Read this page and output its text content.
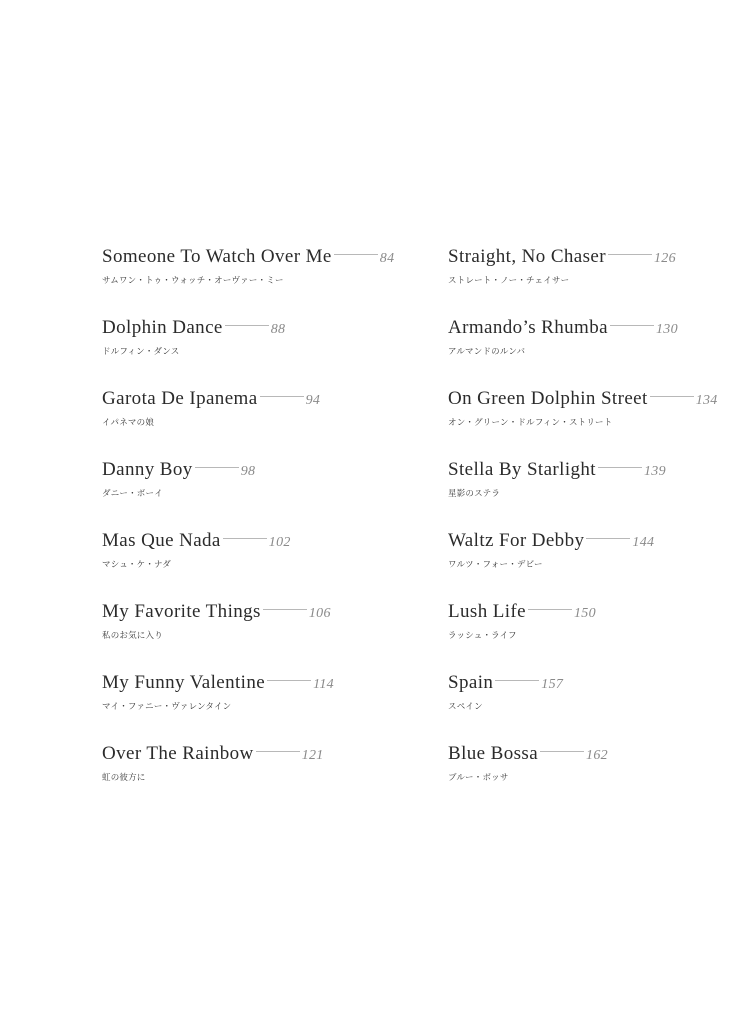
Someone To Watch Over Me	84
サムワン・トゥ・ウォッチ・オーヴァー・ミー
Dolphin Dance	88
ドルフィン・ダンス
Garota De Ipanema	94
イパネマの娘
Danny Boy	98
ダニー・ボーイ
Mas Que Nada	102
マシュ・ケ・ナダ
My Favorite Things	106
私のお気に入り
My Funny Valentine	114
マイ・ファニー・ヴァレンタイン
Over The Rainbow	121
虹の彼方に
Straight, No Chaser	126
ストレート・ノー・チェイサー
Armando’s Rhumba	130
アルマンドのルンバ
On Green Dolphin Street	134
オン・グリーン・ドルフィン・ストリート
Stella By Starlight	139
星影のステラ
Waltz For Debby	144
ワルツ・フォー・デビー
Lush Life	150
ラッシュ・ライフ
Spain	157
スペイン
Blue Bossa	162
ブルー・ボッサ
